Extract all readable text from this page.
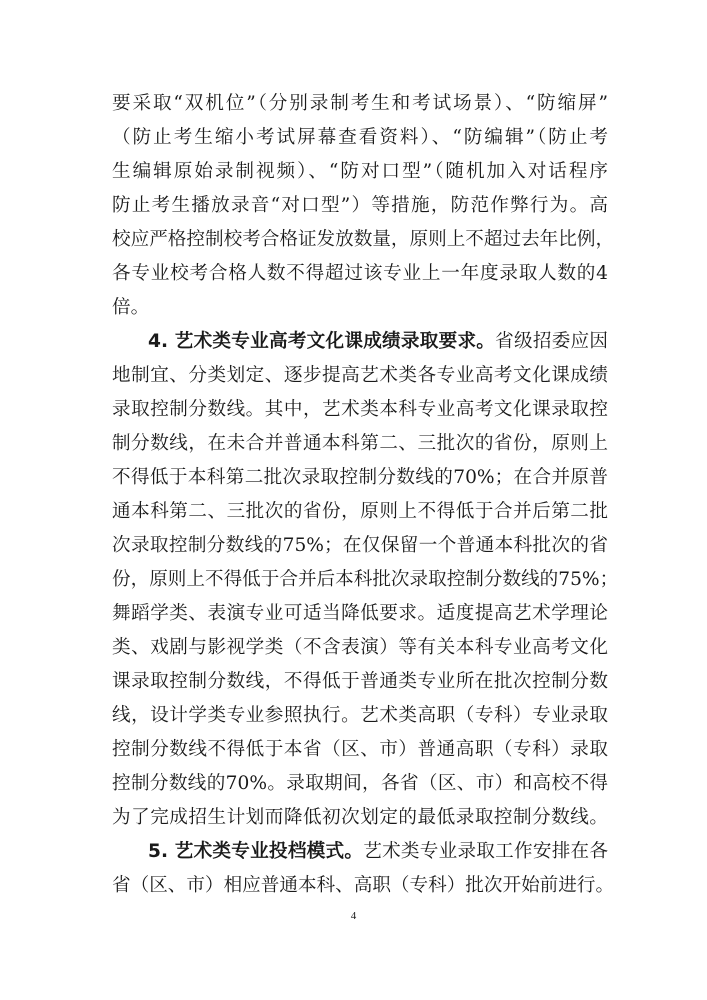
要采取“双机位”（分别录制考生和考试场景）、“防缩屏”
（防止考生缩小考试屏幕查看资料）、“防编辑”（防止考
生编辑原始录制视频）、“防对口型”（随机加入对话程序
防止考生播放录音“对口型”）等措施，防范作弊行为。高
校应严格控制校考合格证发放数量，原则上不超过去年比例，
各专业校考合格人数不得超过该专业上一年度录取人数的4
倍。
4. 艺术类专业高考文化课成绩录取要求。省级招委应因
地制宜、分类划定、逐步提高艺术类各专业高考文化课成绩
录取控制分数线。其中，艺术类本科专业高考文化课录取控
制分数线，在未合并普通本科第二、三批次的省份，原则上
不得低于本科第二批次录取控制分数线的70%；在合并原普
通本科第二、三批次的省份，原则上不得低于合并后第二批
次录取控制分数线的75%；在仅保留一个普通本科批次的省
份，原则上不得低于合并后本科批次录取控制分数线的75%；
舞蹈学类、表演专业可适当降低要求。适度提高艺术学理论
类、戏剧与影视学类（不含表演）等有关本科专业高考文化
课录取控制分数线，不得低于普通类专业所在批次控制分数
线，设计学类专业参照执行。艺术类高职（专科）专业录取
控制分数线不得低于本省（区、市）普通高职（专科）录取
控制分数线的70%。录取期间，各省（区、市）和高校不得
为了完成招生计划而降低初次划定的最低录取控制分数线。
5. 艺术类专业投档模式。艺术类专业录取工作安排在各
省（区、市）相应普通本科、高职（专科）批次开始前进行。
4
